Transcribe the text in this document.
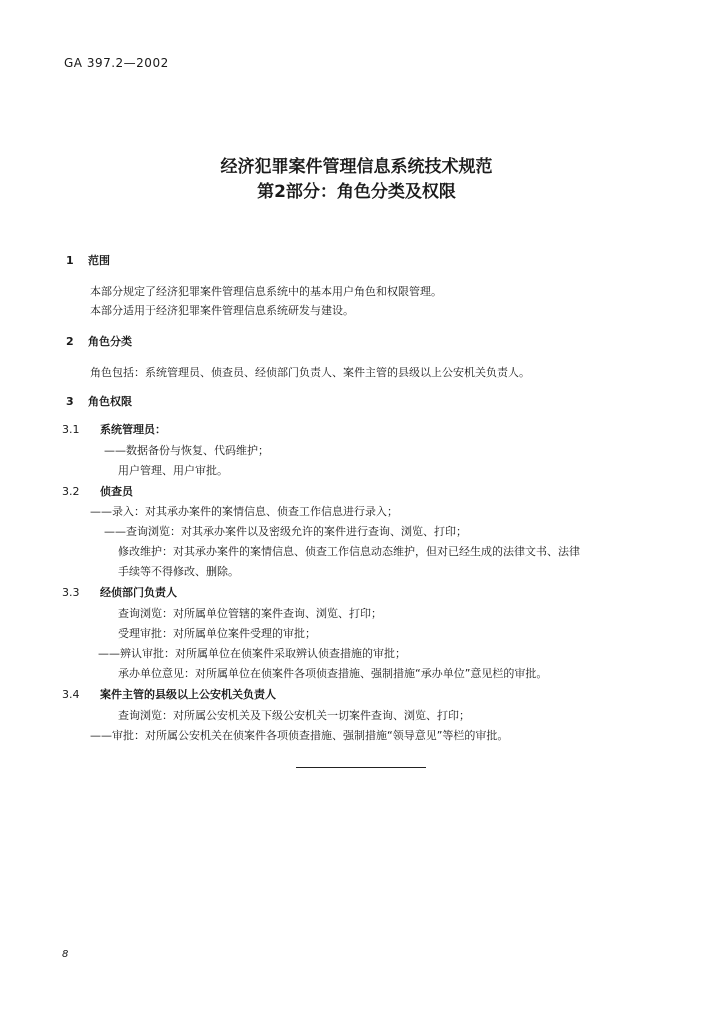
GA 397.2—2002
经济犯罪案件管理信息系统技术规范
第2部分：角色分类及权限
1 范围
本部分规定了经济犯罪案件管理信息系统中的基本用户角色和权限管理。
本部分适用于经济犯罪案件管理信息系统研发与建设。
2 角色分类
角色包括：系统管理员、侦查员、经侦部门负责人、案件主管的县级以上公安机关负责人。
3 角色权限
3.1 系统管理员：
——数据备份与恢复、代码维护；
用户管理、用户审批。
3.2 侦查员
——录入：对其承办案件的案情信息、侦查工作信息进行录入；
——查询浏览：对其承办案件以及密级允许的案件进行查询、浏览、打印；
修改维护：对其承办案件的案情信息、侦查工作信息动态维护，但对已经生成的法律文书、法律
手续等不得修改、删除。
3.3 经侦部门负责人
查询浏览：对所属单位管辖的案件查询、浏览、打印；
受理审批：对所属单位案件受理的审批；
——辨认审批：对所属单位在侦案件采取辨认侦查措施的审批；
承办单位意见：对所属单位在侦案件各项侦查措施、强制措施“承办单位”意见栏的审批。
3.4 案件主管的县级以上公安机关负责人
查询浏览：对所属公安机关及下级公安机关一切案件查询、浏览、打印；
——审批：对所属公安机关在侦案件各项侦查措施、强制措施“领导意见”等栏的审批。
8
